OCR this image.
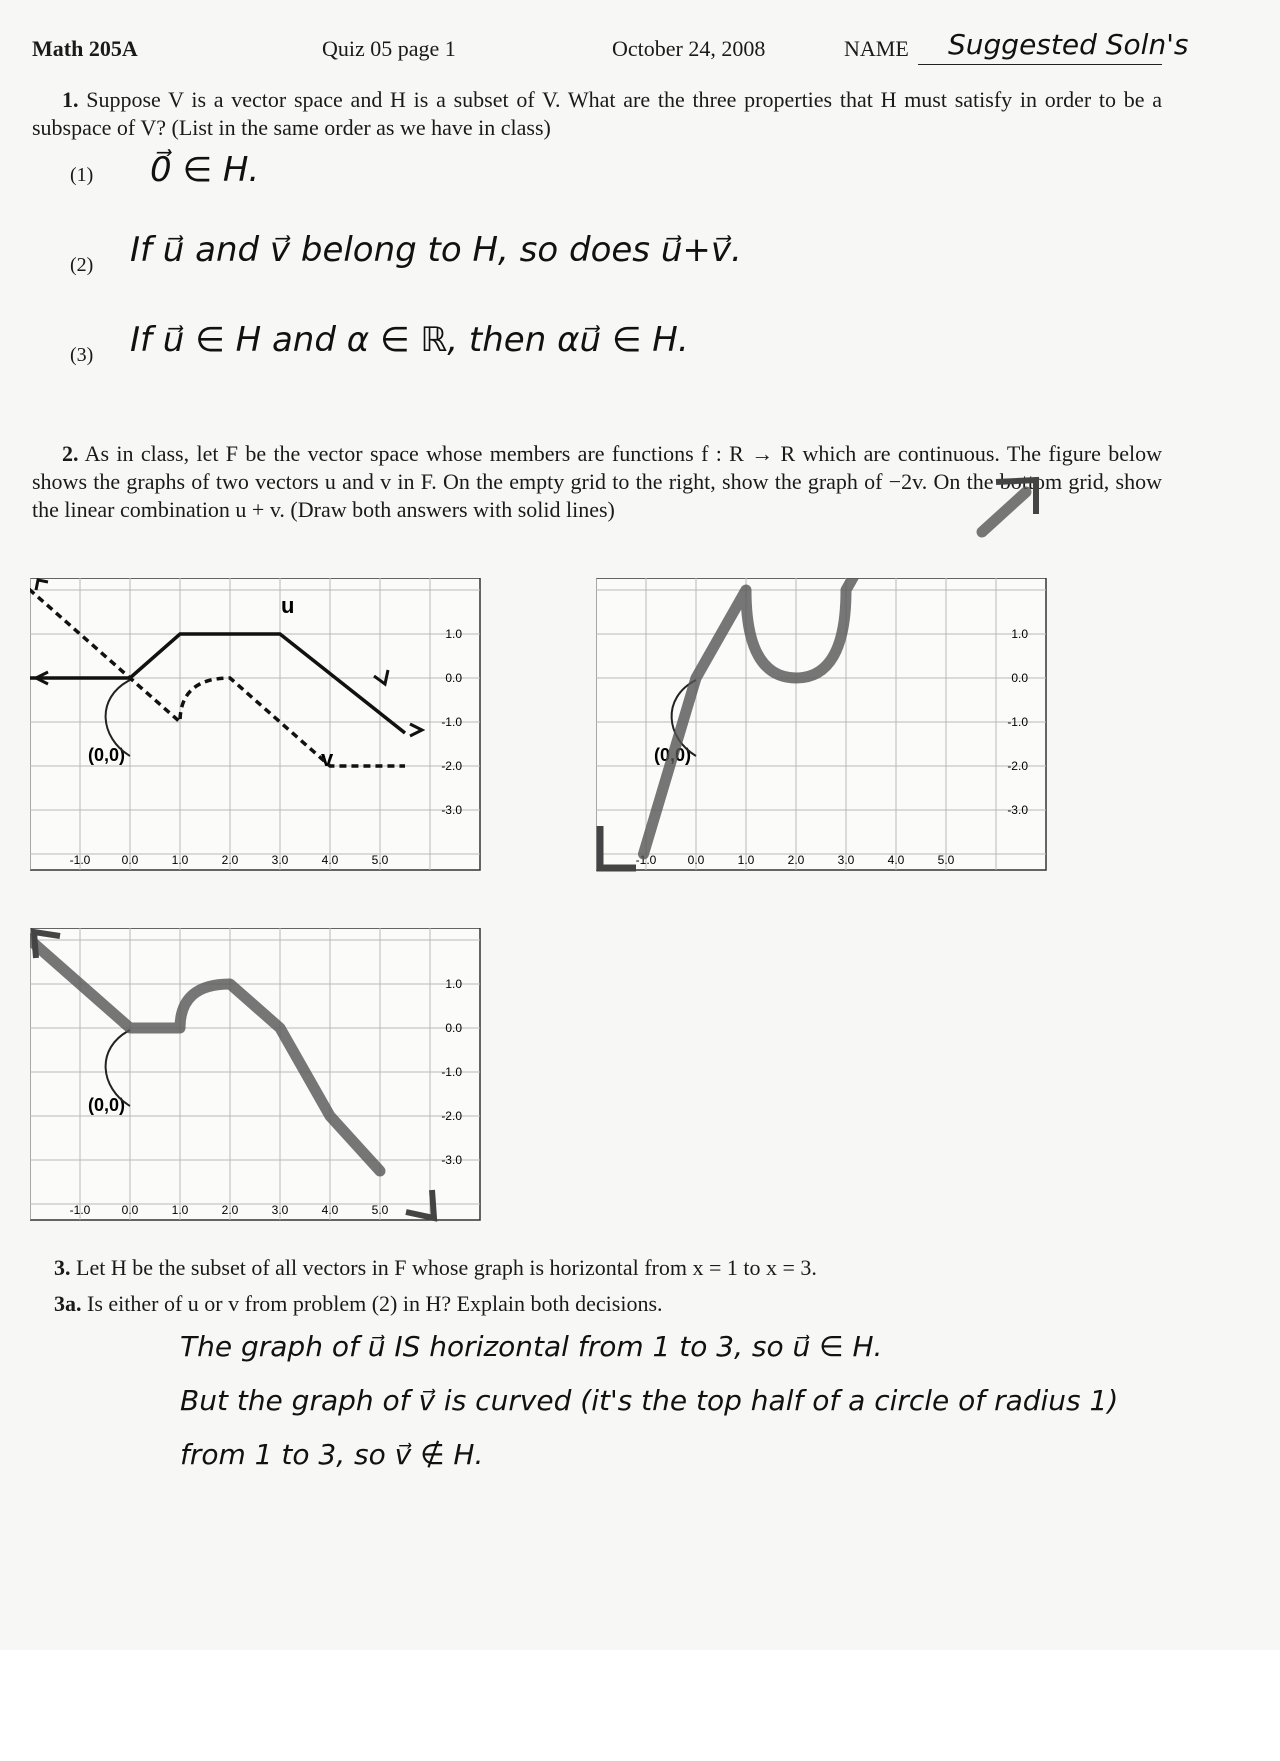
Math 205A	Quiz 05 page 1	October 24, 2008	NAME Suggested Soln's
1. Suppose V is a vector space and H is a subset of V. What are the three properties that H must satisfy in order to be a subspace of V? (List in the same order as we have in class)
(1) 0⃗ ∈ H.
(2) If u⃗ and v⃗ belong to H, so does u⃗+v⃗.
(3) If u⃗ ∈ H and α ∈ ℝ, then αu⃗ ∈ H.
2. As in class, let F be the vector space whose members are functions f : R → R which are continuous. The figure below shows the graphs of two vectors u and v in F. On the empty grid to the right, show the graph of −2v. On the bottom grid, show the linear combination u + v. (Draw both answers with solid lines)
u
v
(0,0)
1.0
0.0
-1.0
-2.0
-3.0
-1.0	0.0	1.0	2.0	3.0	4.0	5.0
(0,0)
1.0
0.0
-1.0
-2.0
-3.0
-1.0	0.0	1.0	2.0	3.0	4.0	5.0
(0,0)
1.0
0.0
-1.0
-2.0
-3.0
-1.0	0.0	1.0	2.0	3.0	4.0	5.0
3. Let H be the subset of all vectors in F whose graph is horizontal from x = 1 to x = 3.
3a. Is either of u or v from problem (2) in H? Explain both decisions.
The graph of u⃗ IS horizontal from 1 to 3, so u⃗ ∈ H.
But the graph of v⃗ is curved (it's the top half of a circle of radius 1)
from 1 to 3, so v⃗ ∉ H.
